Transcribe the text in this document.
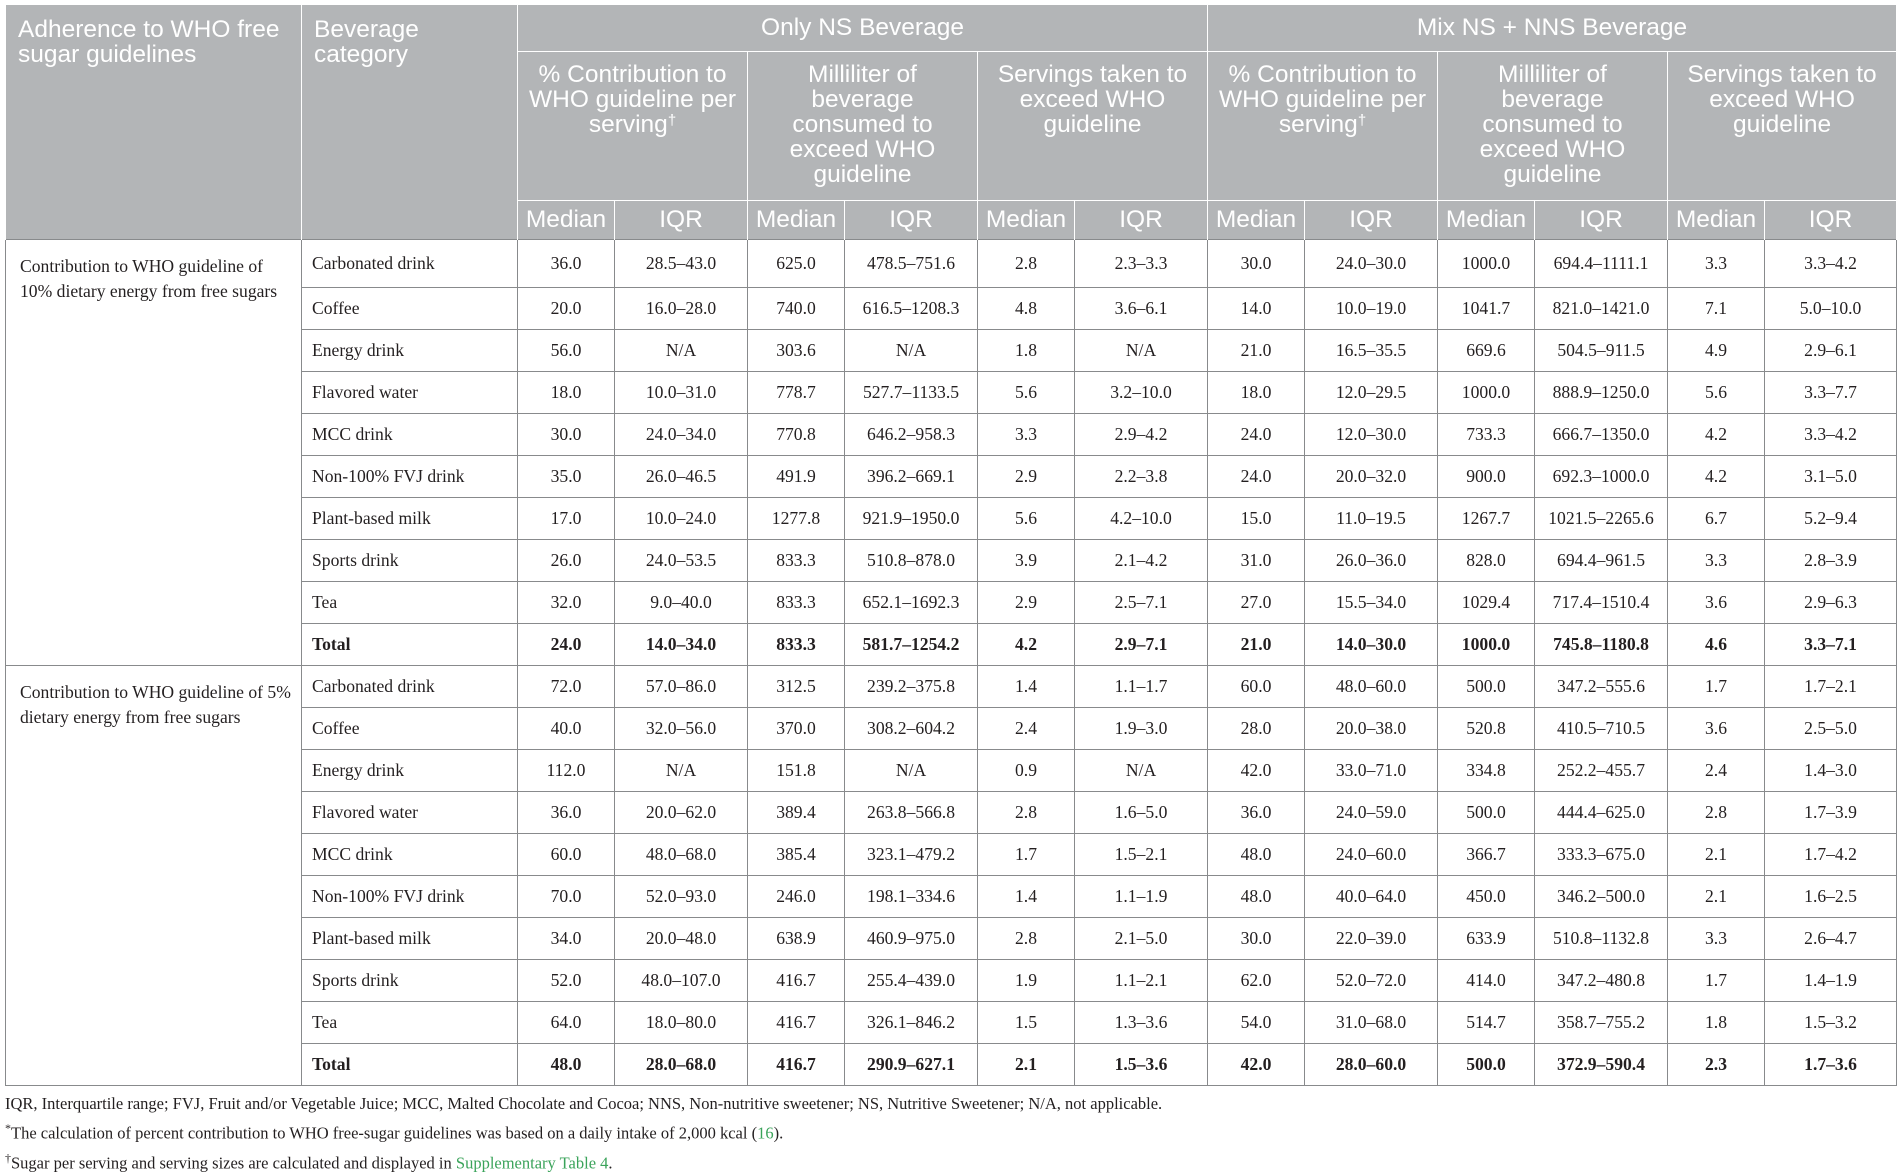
Adherence to WHO free sugar guidelines	Beverage category	Only NS Beverage						Mix NS + NNS Beverage					
		% Contribution to WHO guideline per serving†		Milliliter of beverage consumed to exceed WHO guideline		Servings taken to exceed WHO guideline		% Contribution to WHO guideline per serving†		Milliliter of beverage consumed to exceed WHO guideline		Servings taken to exceed WHO guideline	
		Median	IQR	Median	IQR	Median	IQR	Median	IQR	Median	IQR	Median	IQR
Contribution to WHO guideline of 10% dietary energy from free sugars	Carbonated drink	36.0	28.5–43.0	625.0	478.5–751.6	2.8	2.3–3.3	30.0	24.0–30.0	1000.0	694.4–1111.1	3.3	3.3–4.2
	Coffee	20.0	16.0–28.0	740.0	616.5–1208.3	4.8	3.6–6.1	14.0	10.0–19.0	1041.7	821.0–1421.0	7.1	5.0–10.0
	Energy drink	56.0	N/A	303.6	N/A	1.8	N/A	21.0	16.5–35.5	669.6	504.5–911.5	4.9	2.9–6.1
	Flavored water	18.0	10.0–31.0	778.7	527.7–1133.5	5.6	3.2–10.0	18.0	12.0–29.5	1000.0	888.9–1250.0	5.6	3.3–7.7
	MCC drink	30.0	24.0–34.0	770.8	646.2–958.3	3.3	2.9–4.2	24.0	12.0–30.0	733.3	666.7–1350.0	4.2	3.3–4.2
	Non-100% FVJ drink	35.0	26.0–46.5	491.9	396.2–669.1	2.9	2.2–3.8	24.0	20.0–32.0	900.0	692.3–1000.0	4.2	3.1–5.0
	Plant-based milk	17.0	10.0–24.0	1277.8	921.9–1950.0	5.6	4.2–10.0	15.0	11.0–19.5	1267.7	1021.5–2265.6	6.7	5.2–9.4
	Sports drink	26.0	24.0–53.5	833.3	510.8–878.0	3.9	2.1–4.2	31.0	26.0–36.0	828.0	694.4–961.5	3.3	2.8–3.9
	Tea	32.0	9.0–40.0	833.3	652.1–1692.3	2.9	2.5–7.1	27.0	15.5–34.0	1029.4	717.4–1510.4	3.6	2.9–6.3
	Total	24.0	14.0–34.0	833.3	581.7–1254.2	4.2	2.9–7.1	21.0	14.0–30.0	1000.0	745.8–1180.8	4.6	3.3–7.1
Contribution to WHO guideline of 5% dietary energy from free sugars	Carbonated drink	72.0	57.0–86.0	312.5	239.2–375.8	1.4	1.1–1.7	60.0	48.0–60.0	500.0	347.2–555.6	1.7	1.7–2.1
	Coffee	40.0	32.0–56.0	370.0	308.2–604.2	2.4	1.9–3.0	28.0	20.0–38.0	520.8	410.5–710.5	3.6	2.5–5.0
	Energy drink	112.0	N/A	151.8	N/A	0.9	N/A	42.0	33.0–71.0	334.8	252.2–455.7	2.4	1.4–3.0
	Flavored water	36.0	20.0–62.0	389.4	263.8–566.8	2.8	1.6–5.0	36.0	24.0–59.0	500.0	444.4–625.0	2.8	1.7–3.9
	MCC drink	60.0	48.0–68.0	385.4	323.1–479.2	1.7	1.5–2.1	48.0	24.0–60.0	366.7	333.3–675.0	2.1	1.7–4.2
	Non-100% FVJ drink	70.0	52.0–93.0	246.0	198.1–334.6	1.4	1.1–1.9	48.0	40.0–64.0	450.0	346.2–500.0	2.1	1.6–2.5
	Plant-based milk	34.0	20.0–48.0	638.9	460.9–975.0	2.8	2.1–5.0	30.0	22.0–39.0	633.9	510.8–1132.8	3.3	2.6–4.7
	Sports drink	52.0	48.0–107.0	416.7	255.4–439.0	1.9	1.1–2.1	62.0	52.0–72.0	414.0	347.2–480.8	1.7	1.4–1.9
	Tea	64.0	18.0–80.0	416.7	326.1–846.2	1.5	1.3–3.6	54.0	31.0–68.0	514.7	358.7–755.2	1.8	1.5–3.2
	Total	48.0	28.0–68.0	416.7	290.9–627.1	2.1	1.5–3.6	42.0	28.0–60.0	500.0	372.9–590.4	2.3	1.7–3.6

IQR, Interquartile range; FVJ, Fruit and/or Vegetable Juice; MCC, Malted Chocolate and Cocoa; NNS, Non-nutritive sweetener; NS, Nutritive Sweetener; N/A, not applicable.

*The calculation of percent contribution to WHO free-sugar guidelines was based on a daily intake of 2,000 kcal (16).

†Sugar per serving and serving sizes are calculated and displayed in Supplementary Table 4.
